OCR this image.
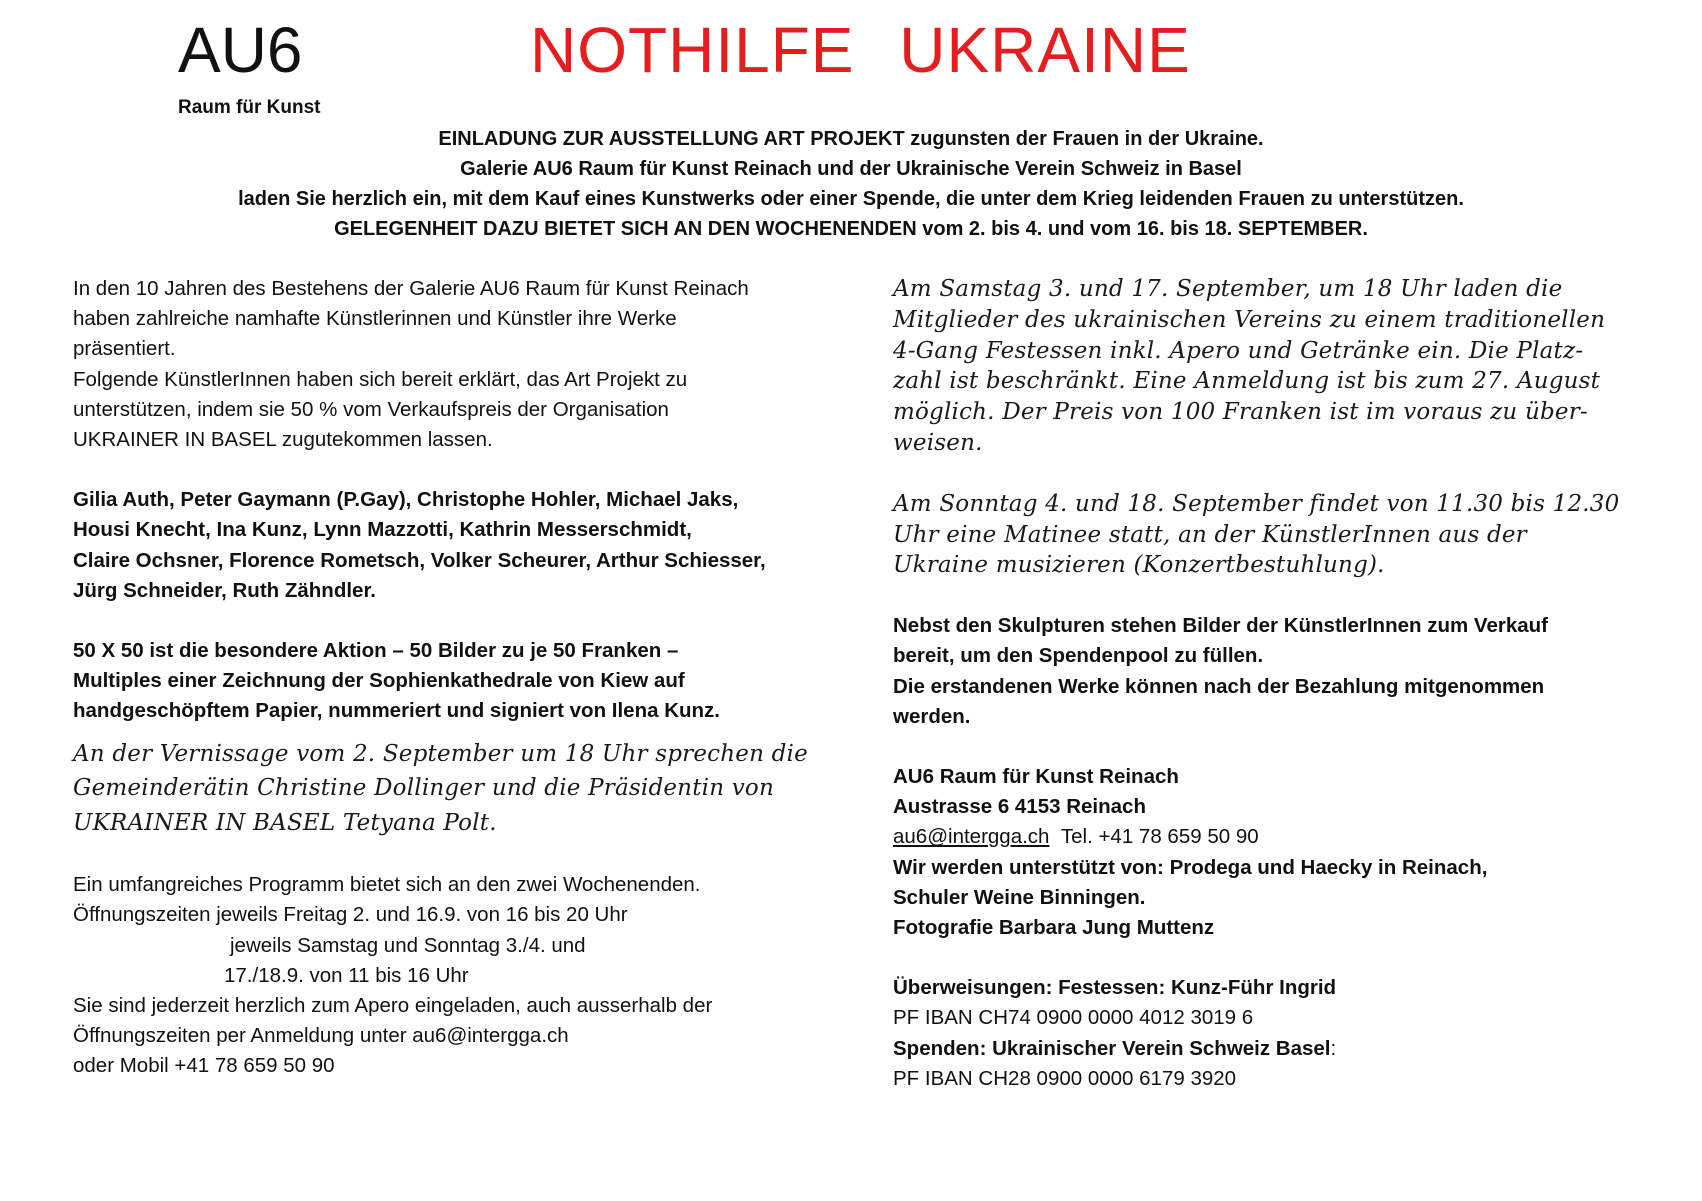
AU6
Raum für Kunst
NOTHILFE UKRAINE
EINLADUNG ZUR AUSSTELLUNG ART PROJEKT zugunsten der Frauen in der Ukraine.
Galerie AU6 Raum für Kunst Reinach und der Ukrainische Verein Schweiz in Basel
laden Sie herzlich ein, mit dem Kauf eines Kunstwerks oder einer Spende, die unter dem Krieg leidenden Frauen zu unterstützen.
GELEGENHEIT DAZU BIETET SICH AN DEN WOCHENENDEN vom 2. bis 4. und vom 16. bis 18. SEPTEMBER.

In den 10 Jahren des Bestehens der Galerie AU6 Raum für Kunst Reinach

haben zahlreiche namhafte Künstlerinnen und Künstler ihre Werke

präsentiert.

Folgende KünstlerInnen haben sich bereit erklärt, das Art Projekt zu

unterstützen, indem sie 50 % vom Verkaufspreis der Organisation

UKRAINER IN BASEL zugutekommen lassen.

Gilia Auth, Peter Gaymann (P.Gay), Christophe Hohler, Michael Jaks,

Housi Knecht, Ina Kunz, Lynn Mazzotti, Kathrin Messerschmidt,

Claire Ochsner, Florence Rometsch, Volker Scheurer, Arthur Schiesser,

Jürg Schneider, Ruth Zähndler.

50 X 50 ist die besondere Aktion – 50 Bilder zu je 50 Franken –

Multiples einer Zeichnung der Sophienkathedrale von Kiew auf

handgeschöpftem Papier, nummeriert und signiert von Ilena Kunz.

An der Vernissage vom 2. September um 18 Uhr sprechen die

Gemeinderätin Christine Dollinger und die Präsidentin von

UKRAINER IN BASEL Tetyana Polt.

Ein umfangreiches Programm bietet sich an den zwei Wochenenden.

Öffnungszeiten jeweils Freitag 2. und 16.9. von 16 bis 20 Uhr

jeweils Samstag und Sonntag 3./4. und

17./18.9. von 11 bis 16 Uhr

Sie sind jederzeit herzlich zum Apero eingeladen, auch ausserhalb der

Öffnungszeiten per Anmeldung unter au6@intergga.ch

oder Mobil +41 78 659 50 90

Am Samstag 3. und 17. September, um 18 Uhr laden die

Mitglieder des ukrainischen Vereins zu einem traditionellen

4-Gang Festessen inkl. Apero und Getränke ein. Die Platz-

zahl ist beschränkt. Eine Anmeldung ist bis zum 27. August

möglich. Der Preis von 100 Franken ist im voraus zu über-

weisen.

Am Sonntag 4. und 18. September findet von 11.30 bis 12.30

Uhr eine Matinee statt, an der KünstlerInnen aus der

Ukraine musizieren (Konzertbestuhlung).

Nebst den Skulpturen stehen Bilder der KünstlerInnen zum Verkauf

bereit, um den Spendenpool zu füllen.

Die erstandenen Werke können nach der Bezahlung mitgenommen

werden.

AU6 Raum für Kunst Reinach

Austrasse 6 4153 Reinach

au6@intergga.ch Tel. +41 78 659 50 90

Wir werden unterstützt von: Prodega und Haecky in Reinach,

Schuler Weine Binningen.

Fotografie Barbara Jung Muttenz

Überweisungen: Festessen: Kunz-Führ Ingrid

PF IBAN CH74 0900 0000 4012 3019 6

Spenden: Ukrainischer Verein Schweiz Basel:

PF IBAN CH28 0900 0000 6179 3920
